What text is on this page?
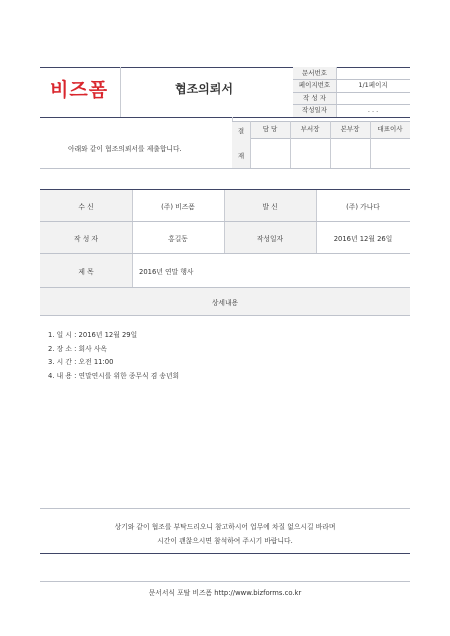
비즈폼	협조의뢰서
문서번호
페이지번호	1/1페이지
작 성 자
작성일자	. . .
아래와 같이 협조의뢰서를 제출합니다.
결
재
담 당	부서장	본부장	대표이사
수 신	(주) 비즈폼	발 신	(주) 가나다
작 성 자	홍길동	작성일자	2016년 12월 26일
제 목	2016년 연말 행사
상세내용
1. 일 시 : 2016년 12월 29일
2. 장 소 : 회사 사옥
3. 시 간 : 오전 11:00
4. 내 용 : 연말연시를 위한 종무식 겸 송년회
상기와 같이 협조를 부탁드리오니 참고하시어 업무에 차질 없으시길 바라며
시간이 괜찮으시면 참석하여 주시기 바랍니다.
문서서식 포탈 비즈폼 http://www.bizforms.co.kr
